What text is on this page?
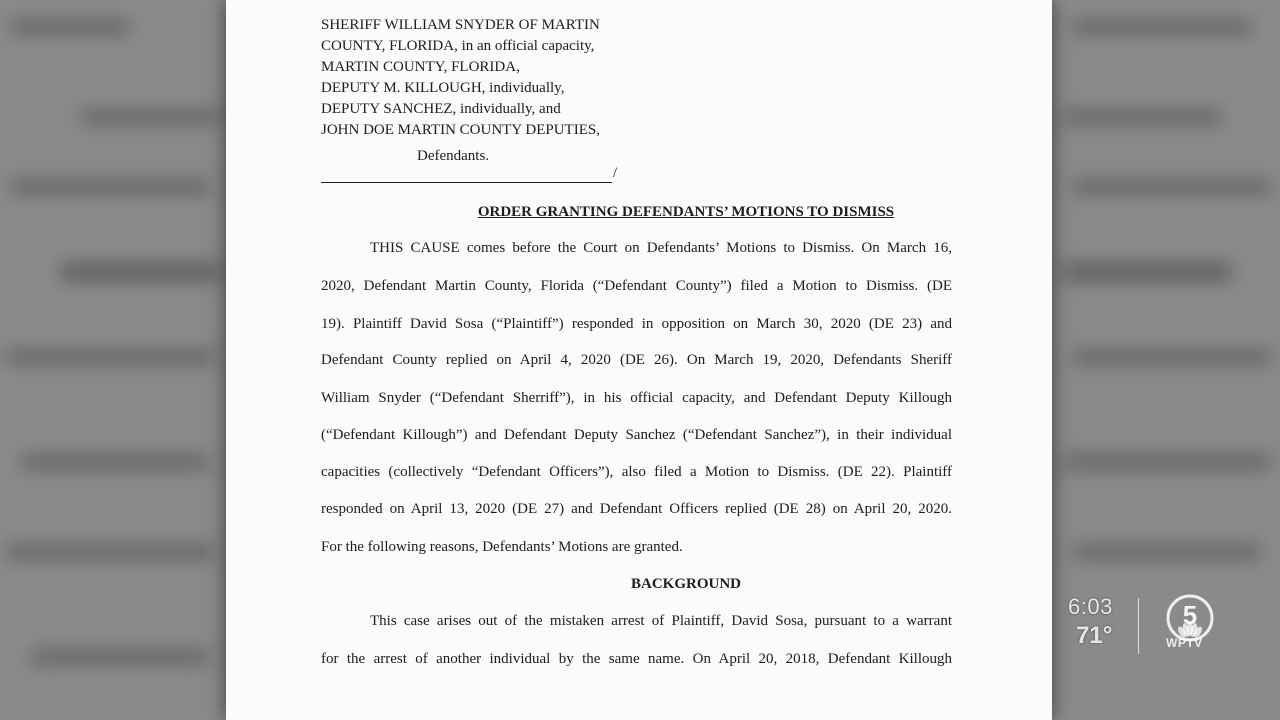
SHERIFF WILLIAM SNYDER OF MARTIN
COUNTY, FLORIDA, in an official capacity,
MARTIN COUNTY, FLORIDA,
DEPUTY M. KILLOUGH, individually,
DEPUTY SANCHEZ, individually, and
JOHN DOE MARTIN COUNTY DEPUTIES,
Defendants.
/
ORDER GRANTING DEFENDANTS’ MOTIONS TO DISMISS
THIS CAUSE comes before the Court on Defendants’ Motions to Dismiss. On March 16,
2020, Defendant Martin County, Florida (“Defendant County”) filed a Motion to Dismiss. (DE
19). Plaintiff David Sosa (“Plaintiff”) responded in opposition on March 30, 2020 (DE 23) and
Defendant County replied on April 4, 2020 (DE 26). On March 19, 2020, Defendants Sheriff
William Snyder (“Defendant Sherriff”), in his official capacity, and Defendant Deputy Killough
(“Defendant Killough”) and Defendant Deputy Sanchez (“Defendant Sanchez”), in their individual
capacities (collectively “Defendant Officers”), also filed a Motion to Dismiss. (DE 22). Plaintiff
responded on April 13, 2020 (DE 27) and Defendant Officers replied (DE 28) on April 20, 2020.
For the following reasons, Defendants’ Motions are granted.
BACKGROUND
This case arises out of the mistaken arrest of Plaintiff, David Sosa, pursuant to a warrant
for the arrest of another individual by the same name. On April 20, 2018, Defendant Killough
6:03
71°
5
WPTV
